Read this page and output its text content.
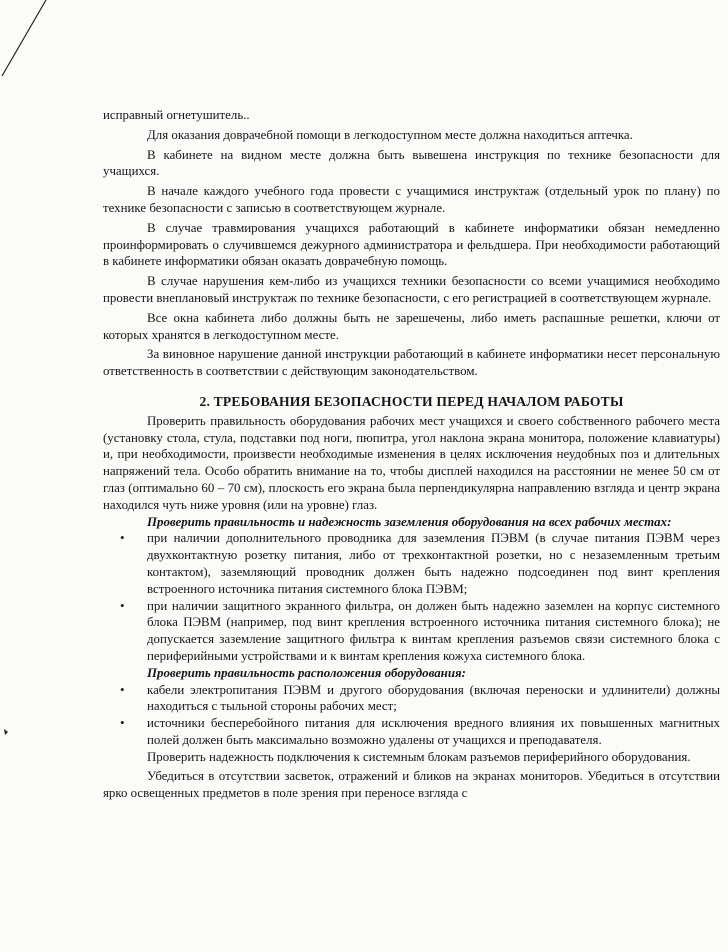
исправный огнетушитель..

Для оказания доврачебной помощи в легкодоступном месте должна находиться аптечка.

В кабинете на видном месте должна быть вывешена инструкция по технике безопасности для учащихся.

В начале каждого учебного года провести с учащимися инструктаж (отдельный урок по плану) по технике безопасности с записью в соответствующем журнале.

В случае травмирования учащихся работающий в кабинете информатики обязан немедленно проинформировать о случившемся дежурного администратора и фельдшера. При необходимости работающий в кабинете информатики обязан оказать доврачебную помощь.

В случае нарушения кем-либо из учащихся техники безопасности со всеми учащимися необходимо провести внеплановый инструктаж по технике безопасности, с его регистрацией в соответствующем журнале.

Все окна кабинета либо должны быть не зарешечены, либо иметь распашные решетки, ключи от которых хранятся в легкодоступном месте.

За виновное нарушение данной инструкции работающий в кабинете информатики несет персональную ответственность в соответствии с действующим законодательством.

2. ТРЕБОВАНИЯ БЕЗОПАСНОСТИ ПЕРЕД НАЧАЛОМ РАБОТЫ

Проверить правильность оборудования рабочих мест учащихся и своего собственного рабочего места (установку стола, стула, подставки под ноги, пюпитра, угол наклона экрана монитора, положение клавиатуры) и, при необходимости, произвести необходимые изменения в целях исключения неудобных поз и длительных напряжений тела. Особо обратить внимание на то, чтобы дисплей находился на расстоянии не менее 50 см от глаз (оптимально 60 – 70 см), плоскость его экрана была перпендикулярна направлению взгляда и центр экрана находился чуть ниже уровня (или на уровне) глаз.

Проверить правильность и надежность заземления оборудования на всех рабочих местах:

• при наличии дополнительного проводника для заземления ПЭВМ (в случае питания ПЭВМ через двухконтактную розетку питания, либо от трехконтактной розетки, но с незаземленным третьим контактом), заземляющий проводник должен быть надежно подсоединен под винт крепления встроенного источника питания системного блока ПЭВМ;
• при наличии защитного экранного фильтра, он должен быть надежно заземлен на корпус системного блока ПЭВМ (например, под винт крепления встроенного источника питания системного блока); не допускается заземление защитного фильтра к винтам крепления разъемов связи системного блока с периферийными устройствами и к винтам крепления кожуха системного блока.

Проверить правильность расположения оборудования:

• кабели электропитания ПЭВМ и другого оборудования (включая переноски и удлинители) должны находиться с тыльной стороны рабочих мест;
• источники бесперебойного питания для исключения вредного влияния их повышенных магнитных полей должен быть максимально возможно удалены от учащихся и преподавателя.

Проверить надежность подключения к системным блокам разъемов периферийного оборудования.

Убедиться в отсутствии засветок, отражений и бликов на экранах мониторов. Убедиться в отсутствии ярко освещенных предметов в поле зрения при переносе взгляда с
